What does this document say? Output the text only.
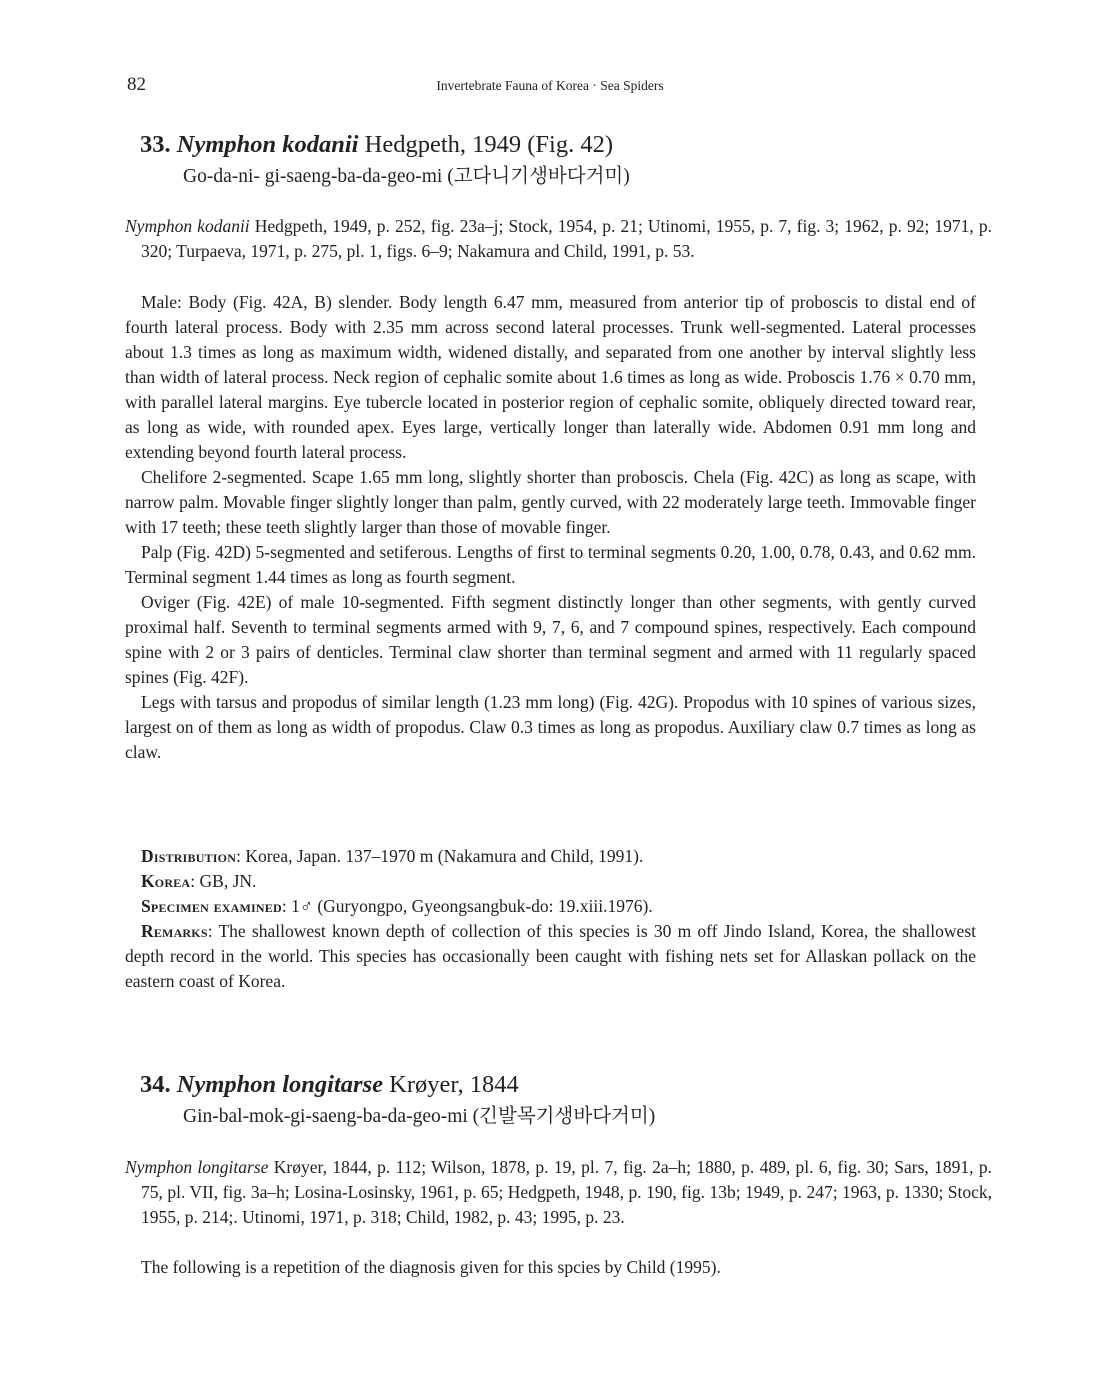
82	Invertebrate Fauna of Korea · Sea Spiders
33. Nymphon kodanii Hedgpeth, 1949 (Fig. 42)
Go-da-ni- gi-saeng-ba-da-geo-mi (고다니기생바다거미)
Nymphon kodanii Hedgpeth, 1949, p. 252, fig. 23a–j; Stock, 1954, p. 21; Utinomi, 1955, p. 7, fig. 3; 1962, p. 92; 1971, p. 320; Turpaeva, 1971, p. 275, pl. 1, figs. 6–9; Nakamura and Child, 1991, p. 53.

Male: Body (Fig. 42A, B) slender. Body length 6.47 mm, measured from anterior tip of proboscis to distal end of fourth lateral process. Body with 2.35 mm across second lateral processes. Trunk well-segmented. Lateral processes about 1.3 times as long as maximum width, widened distally, and separated from one another by interval slightly less than width of lateral process. Neck region of cephalic somite about 1.6 times as long as wide. Proboscis 1.76 × 0.70 mm, with parallel lateral margins. Eye tubercle located in posterior region of cephalic somite, obliquely directed toward rear, as long as wide, with rounded apex. Eyes large, vertically longer than laterally wide. Abdomen 0.91 mm long and extending beyond fourth lateral process.

Chelifore 2-segmented. Scape 1.65 mm long, slightly shorter than proboscis. Chela (Fig. 42C) as long as scape, with narrow palm. Movable finger slightly longer than palm, gently curved, with 22 moderately large teeth. Immovable finger with 17 teeth; these teeth slightly larger than those of movable finger.

Palp (Fig. 42D) 5-segmented and setiferous. Lengths of first to terminal segments 0.20, 1.00, 0.78, 0.43, and 0.62 mm. Terminal segment 1.44 times as long as fourth segment.

Oviger (Fig. 42E) of male 10-segmented. Fifth segment distinctly longer than other segments, with gently curved proximal half. Seventh to terminal segments armed with 9, 7, 6, and 7 compound spines, respectively. Each compound spine with 2 or 3 pairs of denticles. Terminal claw shorter than terminal segment and armed with 11 regularly spaced spines (Fig. 42F).

Legs with tarsus and propodus of similar length (1.23 mm long) (Fig. 42G). Propodus with 10 spines of various sizes, largest on of them as long as width of propodus. Claw 0.3 times as long as propodus. Auxiliary claw 0.7 times as long as claw.

Distribution: Korea, Japan. 137–1970 m (Nakamura and Child, 1991).

Korea: GB, JN.

Specimen examined: 1♂ (Guryongpo, Gyeongsangbuk-do: 19.xiii.1976).

Remarks: The shallowest known depth of collection of this species is 30 m off Jindo Island, Korea, the shallowest depth record in the world. This species has occasionally been caught with fishing nets set for Allaskan pollack on the eastern coast of Korea.

34. Nymphon longitarse Krøyer, 1844
Gin-bal-mok-gi-saeng-ba-da-geo-mi (긴발목기생바다거미)
Nymphon longitarse Krøyer, 1844, p. 112; Wilson, 1878, p. 19, pl. 7, fig. 2a–h; 1880, p. 489, pl. 6, fig. 30; Sars, 1891, p. 75, pl. VII, fig. 3a–h; Losina-Losinsky, 1961, p. 65; Hedgpeth, 1948, p. 190, fig. 13b; 1949, p. 247; 1963, p. 1330; Stock, 1955, p. 214;. Utinomi, 1971, p. 318; Child, 1982, p. 43; 1995, p. 23.

The following is a repetition of the diagnosis given for this spcies by Child (1995).
